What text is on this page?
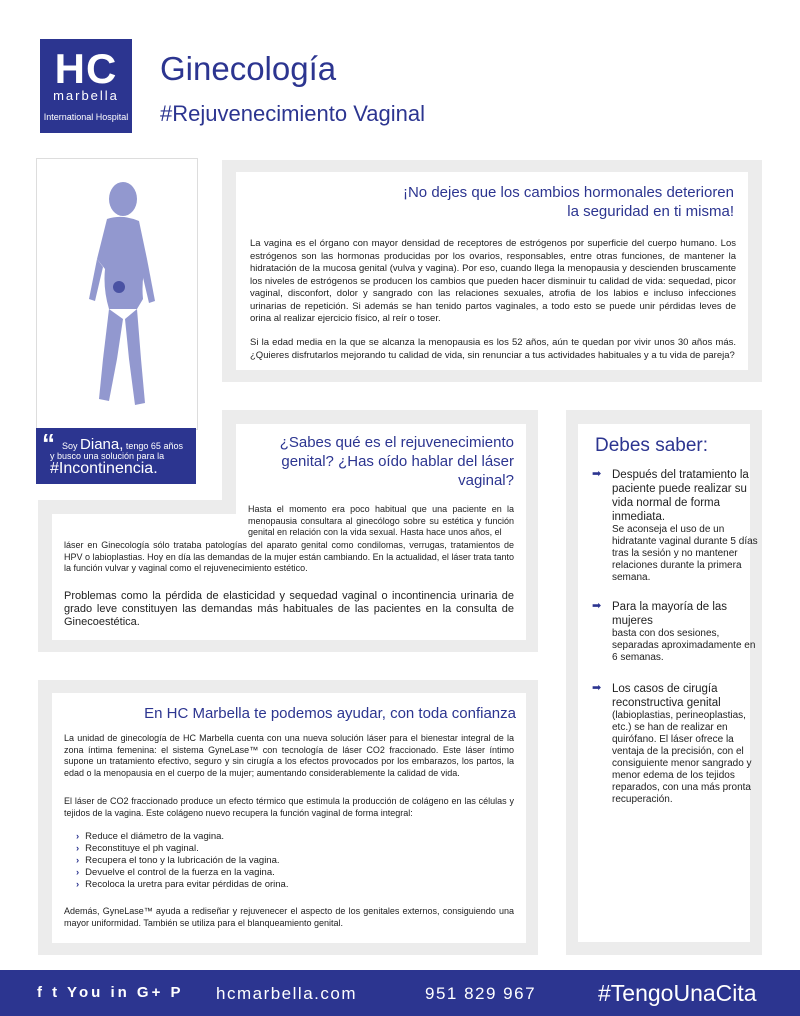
HC
marbella
International Hospital
Ginecología
#Rejuvenecimiento Vaginal
“ Soy Diana, tengo 65 años
y busco una solución para la
#Incontinencia.
¡No dejes que los cambios hormonales deterioren
la seguridad en ti misma!
La vagina es el órgano con mayor densidad de receptores de estrógenos por superficie del cuerpo humano. Los estrógenos son las hormonas producidas por los ovarios, responsables, entre otras funciones, de mantener la hidratación de la mucosa genital (vulva y vagina). Por eso, cuando llega la menopausia y descienden bruscamente los niveles de estrógenos se producen los cambios que pueden hacer disminuir tu calidad de vida: sequedad, picor vaginal, disconfort, dolor y sangrado con las relaciones sexuales, atrofia de los labios e incluso infecciones urinarias de repetición. Si además se han tenido partos vaginales, a todo esto se puede unir pérdidas leves de orina al realizar ejercicio físico, al reír o toser.
Si la edad media en la que se alcanza la menopausia es los 52 años, aún te quedan por vivir unos 30 años más. ¿Quieres disfrutarlos mejorando tu calidad de vida, sin renunciar a tus actividades habituales y a tu vida de pareja?
¿Sabes qué es el rejuvenecimiento
genital? ¿Has oído hablar del láser
vaginal?
Hasta el momento era poco habitual que una paciente en la menopausia consultara al ginecólogo sobre su estética y función genital en relación con la vida sexual. Hasta hace unos años, el
láser en Ginecología sólo trataba patologías del aparato genital como condilomas, verrugas, tratamientos de HPV o labioplastias. Hoy en día las demandas de la mujer están cambiando. En la actualidad, el láser trata tanto la función vulvar y vaginal como el rejuvenecimiento estético.
Problemas como la pérdida de elasticidad y sequedad vaginal o incontinencia urinaria de grado leve constituyen las demandas más habituales de las pacientes en la consulta de Ginecoestética.
Debes saber:
➡ Después del tratamiento la paciente puede realizar su vida normal de forma inmediata.
Se aconseja el uso de un hidratante vaginal durante 5 días tras la sesión y no mantener relaciones durante la primera semana.
➡ Para la mayoría de las mujeres
basta con dos sesiones, separadas aproximadamente en 6 semanas.
➡ Los casos de cirugía reconstructiva genital
(labioplastias, perineoplastias, etc.) se han de realizar en quirófano. El láser ofrece la ventaja de la precisión, con el consiguiente menor sangrado y menor edema de los tejidos reparados, con una más pronta recuperación.
En HC Marbella te podemos ayudar, con toda confianza
La unidad de ginecología de HC Marbella cuenta con una nueva solución láser para el bienestar integral de la zona íntima femenina: el sistema GyneLase™ con tecnología de láser CO2 fraccionado. Este láser íntimo supone un tratamiento efectivo, seguro y sin cirugía a los efectos provocados por los embarazos, los partos, la edad o la menopausia en el cuerpo de la mujer; aumentando considerablemente la calidad de vida.
El láser de CO2 fraccionado produce un efecto térmico que estimula la producción de colágeno en las células y tejidos de la vagina. Este colágeno nuevo recupera la función vaginal de forma integral:
› Reduce el diámetro de la vagina.
› Reconstituye el ph vaginal.
› Recupera el tono y la lubricación de la vagina.
› Devuelve el control de la fuerza en la vagina.
› Recoloca la uretra para evitar pérdidas de orina.
Además, GyneLase™ ayuda a rediseñar y rejuvenecer el aspecto de los genitales externos, consiguiendo una mayor uniformidad. También se utiliza para el blanqueamiento genital.
f t You in G+ P hcmarbella.com	951 829 967	#TengoUnaCita
